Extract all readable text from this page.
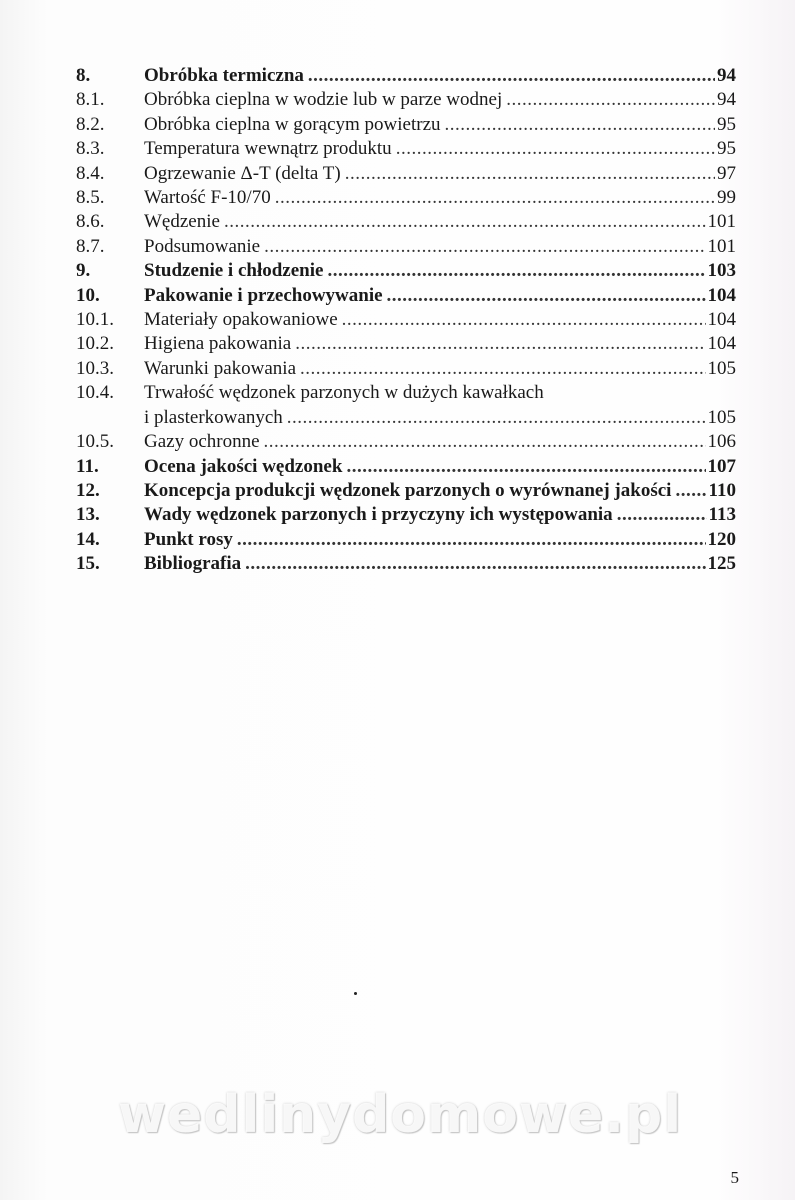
8.	Obróbka termiczna .....	94
8.1.	Obróbka cieplna w wodzie lub w parze wodnej .....	94
8.2.	Obróbka cieplna w gorącym powietrzu .....	95
8.3.	Temperatura wewnątrz produktu .....	95
8.4.	Ogrzewanie Δ-T (delta T) .....	97
8.5.	Wartość F-10/70 .....	99
8.6.	Wędzenie .....	101
8.7.	Podsumowanie .....	101
9.	Studzenie i chłodzenie .....	103
10.	Pakowanie i przechowywanie .....	104
10.1.	Materiały opakowaniowe .....	104
10.2.	Higiena pakowania .....	104
10.3.	Warunki pakowania .....	105
10.4.	Trwałość wędzonek parzonych w dużych kawałkach
i plasterkowanych .....	105
10.5.	Gazy ochronne .....	106
11.	Ocena jakości wędzonek .....	107
12.	Koncepcja produkcji wędzonek parzonych o wyrównanej jakości ..... 110
13.	Wady wędzonek parzonych i przyczyny ich występowania .....	113
14.	Punkt rosy .....	120
15.	Bibliografia .....	125
wedlinydomowe.pl
5
